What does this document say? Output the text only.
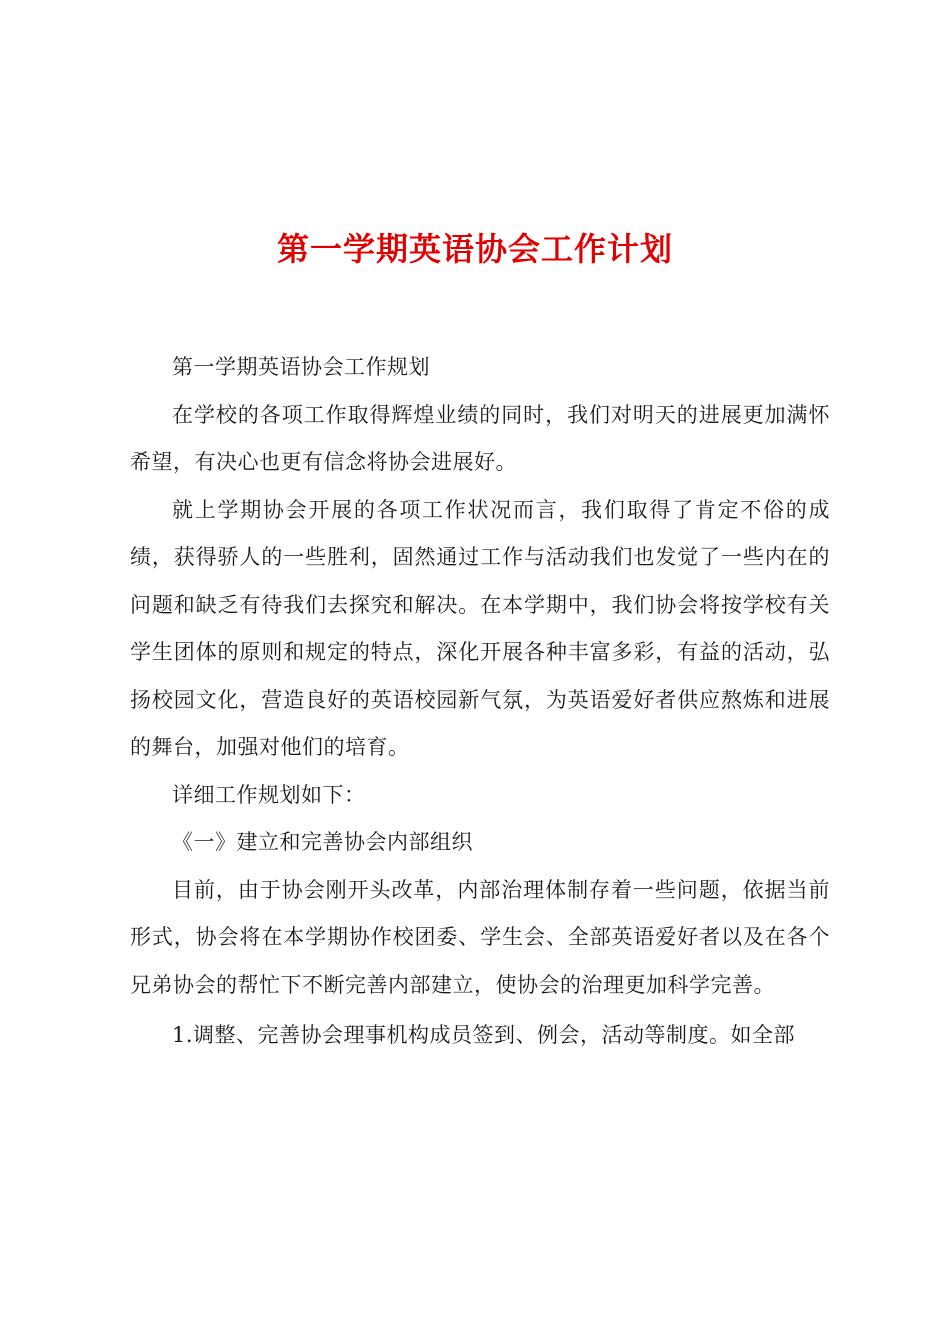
第一学期英语协会工作计划

第一学期英语协会工作规划

在学校的各项工作取得辉煌业绩的同时，我们对明天的进展更加满怀希望，有决心也更有信念将协会进展好。

就上学期协会开展的各项工作状况而言，我们取得了肯定不俗的成绩，获得骄人的一些胜利，固然通过工作与活动我们也发觉了一些内在的问题和缺乏有待我们去探究和解决。在本学期中，我们协会将按学校有关学生团体的原则和规定的特点，深化开展各种丰富多彩，有益的活动，弘扬校园文化，营造良好的英语校园新气氛，为英语爱好者供应熬炼和进展的舞台，加强对他们的培育。

详细工作规划如下：

《一》建立和完善协会内部组织

目前，由于协会刚开头改革，内部治理体制存着一些问题，依据当前形式，协会将在本学期协作校团委、学生会、全部英语爱好者以及在各个兄弟协会的帮忙下不断完善内部建立，使协会的治理更加科学完善。

1.调整、完善协会理事机构成员签到、例会，活动等制度。如全部
